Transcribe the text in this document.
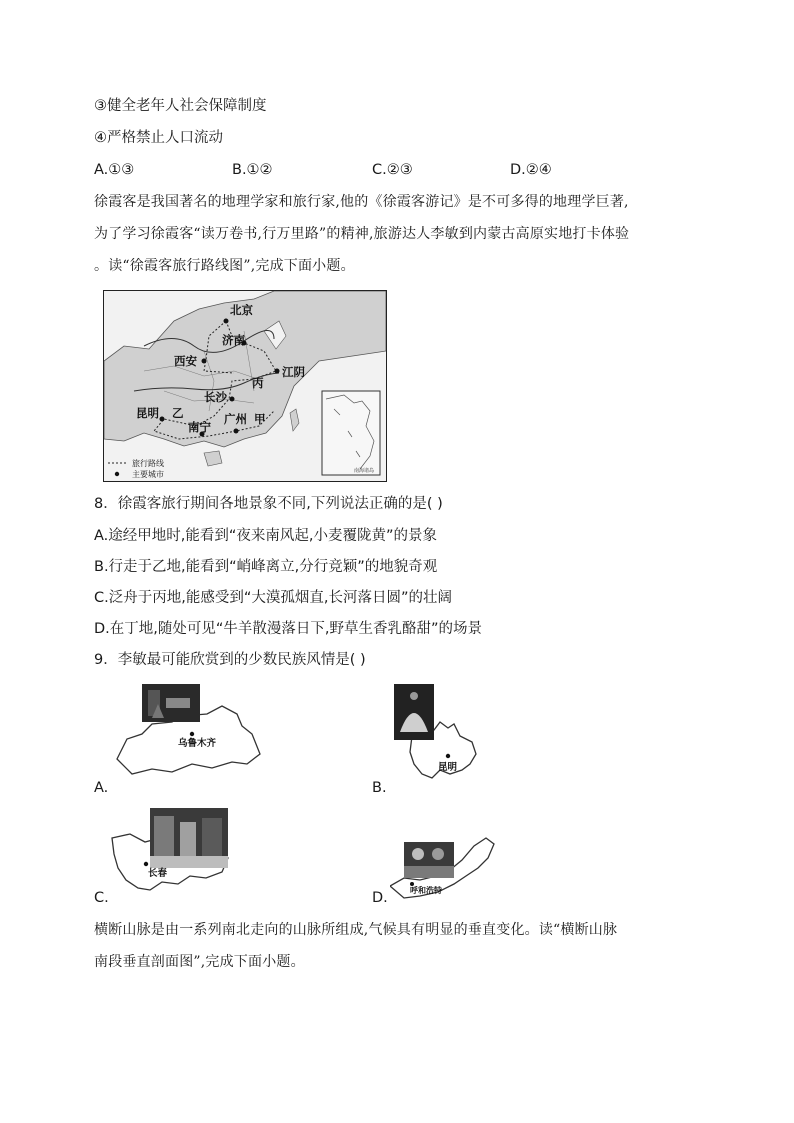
③健全老年人社会保障制度
④严格禁止人口流动
A.①③	B.①②	C.②③	D.②④
徐霞客是我国著名的地理学家和旅行家,他的《徐霞客游记》是不可多得的地理学巨著,
为了学习徐霞客“读万卷书,行万里路”的精神,旅游达人李敏到内蒙古高原实地打卡体验
。读“徐霞客旅行路线图”,完成下面小题。
北京
济南
西安
江阴
丙
长沙
昆明 乙	广州 甲
南宁
旅行路线
主要城市	南海诸岛
8．徐霞客旅行期间各地景象不同,下列说法正确的是( )
A.途经甲地时,能看到“夜来南风起,小麦覆陇黄”的景象
B.行走于乙地,能看到“峭峰离立,分行竞颖”的地貌奇观
C.泛舟于丙地,能感受到“大漠孤烟直,长河落日圆”的壮阔
D.在丁地,随处可见“牛羊散漫落日下,野草生香乳酪甜”的场景
9．李敏最可能欣赏到的少数民族风情是( )
乌鲁木齐
A.
昆明
B.
长春
C.	呼和浩特
D.
横断山脉是由一系列南北走向的山脉所组成,气候具有明显的垂直变化。读“横断山脉
南段垂直剖面图”,完成下面小题。
